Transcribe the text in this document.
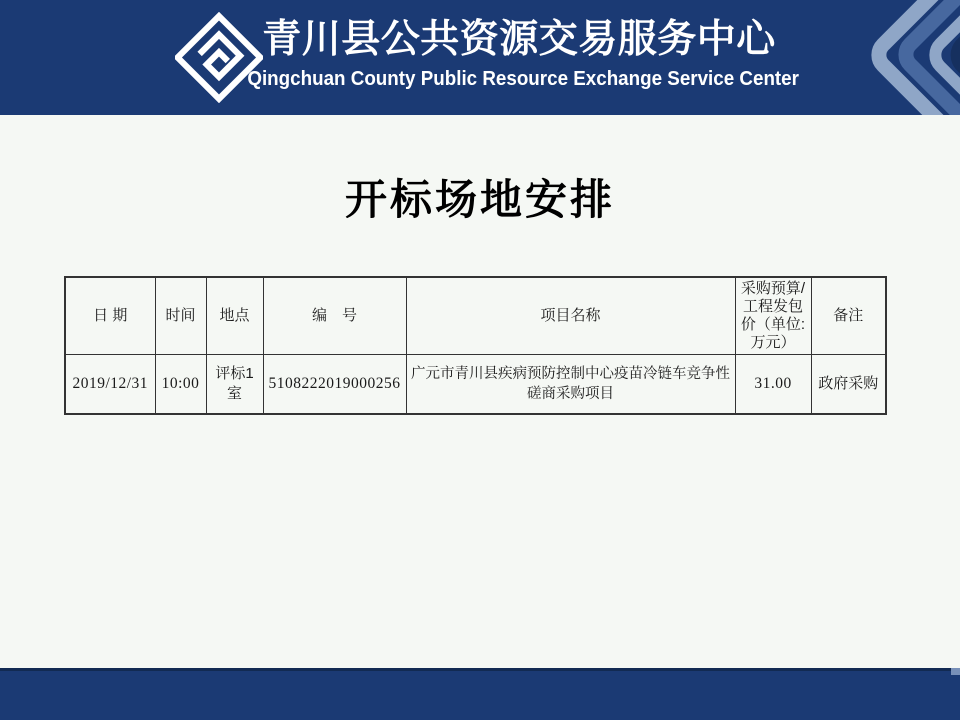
青川县公共资源交易服务中心
Qingchuan County Public Resource Exchange Service Center
开标场地安排
日 期	时间	地点	编　号	项目名称	采购预算/工程发包价（单位:万元）	备注
2019/12/31	10:00	评标1室	5108222019000256	广元市青川县疾病预防控制中心疫苗冷链车竞争性磋商采购项目	31.00	政府采购
